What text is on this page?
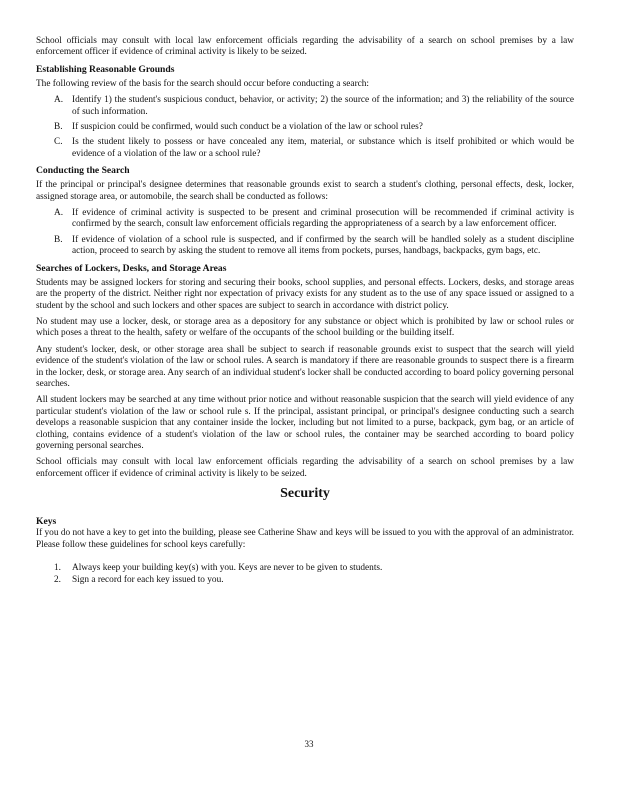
School officials may consult with local law enforcement officials regarding the advisability of a search on school premises by a law enforcement officer if evidence of criminal activity is likely to be seized.

Establishing Reasonable Grounds

The following review of the basis for the search should occur before conducting a search:

A. Identify 1) the student's suspicious conduct, behavior, or activity; 2) the source of the information; and 3) the reliability of the source of such information.
B. If suspicion could be confirmed, would such conduct be a violation of the law or school rules?
C. Is the student likely to possess or have concealed any item, material, or substance which is itself prohibited or which would be evidence of a violation of the law or a school rule?
Conducting the Search

If the principal or principal's designee determines that reasonable grounds exist to search a student's clothing, personal effects, desk, locker, assigned storage area, or automobile, the search shall be conducted as follows:

A. If evidence of criminal activity is suspected to be present and criminal prosecution will be recommended if criminal activity is confirmed by the search, consult law enforcement officials regarding the appropriateness of a search by a law enforcement officer.
B. If evidence of violation of a school rule is suspected, and if confirmed by the search will be handled solely as a student discipline action, proceed to search by asking the student to remove all items from pockets, purses, handbags, backpacks, gym bags, etc.
Searches of Lockers, Desks, and Storage Areas

Students may be assigned lockers for storing and securing their books, school supplies, and personal effects. Lockers, desks, and storage areas are the property of the district. Neither right nor expectation of privacy exists for any student as to the use of any space issued or assigned to a student by the school and such lockers and other spaces are subject to search in accordance with district policy.

No student may use a locker, desk, or storage area as a depository for any substance or object which is prohibited by law or school rules or which poses a threat to the health, safety or welfare of the occupants of the school building or the building itself.

Any student's locker, desk, or other storage area shall be subject to search if reasonable grounds exist to suspect that the search will yield evidence of the student's violation of the law or school rules. A search is mandatory if there are reasonable grounds to suspect there is a firearm in the locker, desk, or storage area. Any search of an individual student's locker shall be conducted according to board policy governing personal searches.

All student lockers may be searched at any time without prior notice and without reasonable suspicion that the search will yield evidence of any particular student's violation of the law or school rule s. If the principal, assistant principal, or principal's designee conducting such a search develops a reasonable suspicion that any container inside the locker, including but not limited to a purse, backpack, gym bag, or an article of clothing, contains evidence of a student's violation of the law or school rules, the container may be searched according to board policy governing personal searches.

School officials may consult with local law enforcement officials regarding the advisability of a search on school premises by a law enforcement officer if evidence of criminal activity is likely to be seized.

Security
Keys

If you do not have a key to get into the building, please see Catherine Shaw and keys will be issued to you with the approval of an administrator. Please follow these guidelines for school keys carefully:

1. Always keep your building key(s) with you. Keys are never to be given to students.
2. Sign a record for each key issued to you.
33
